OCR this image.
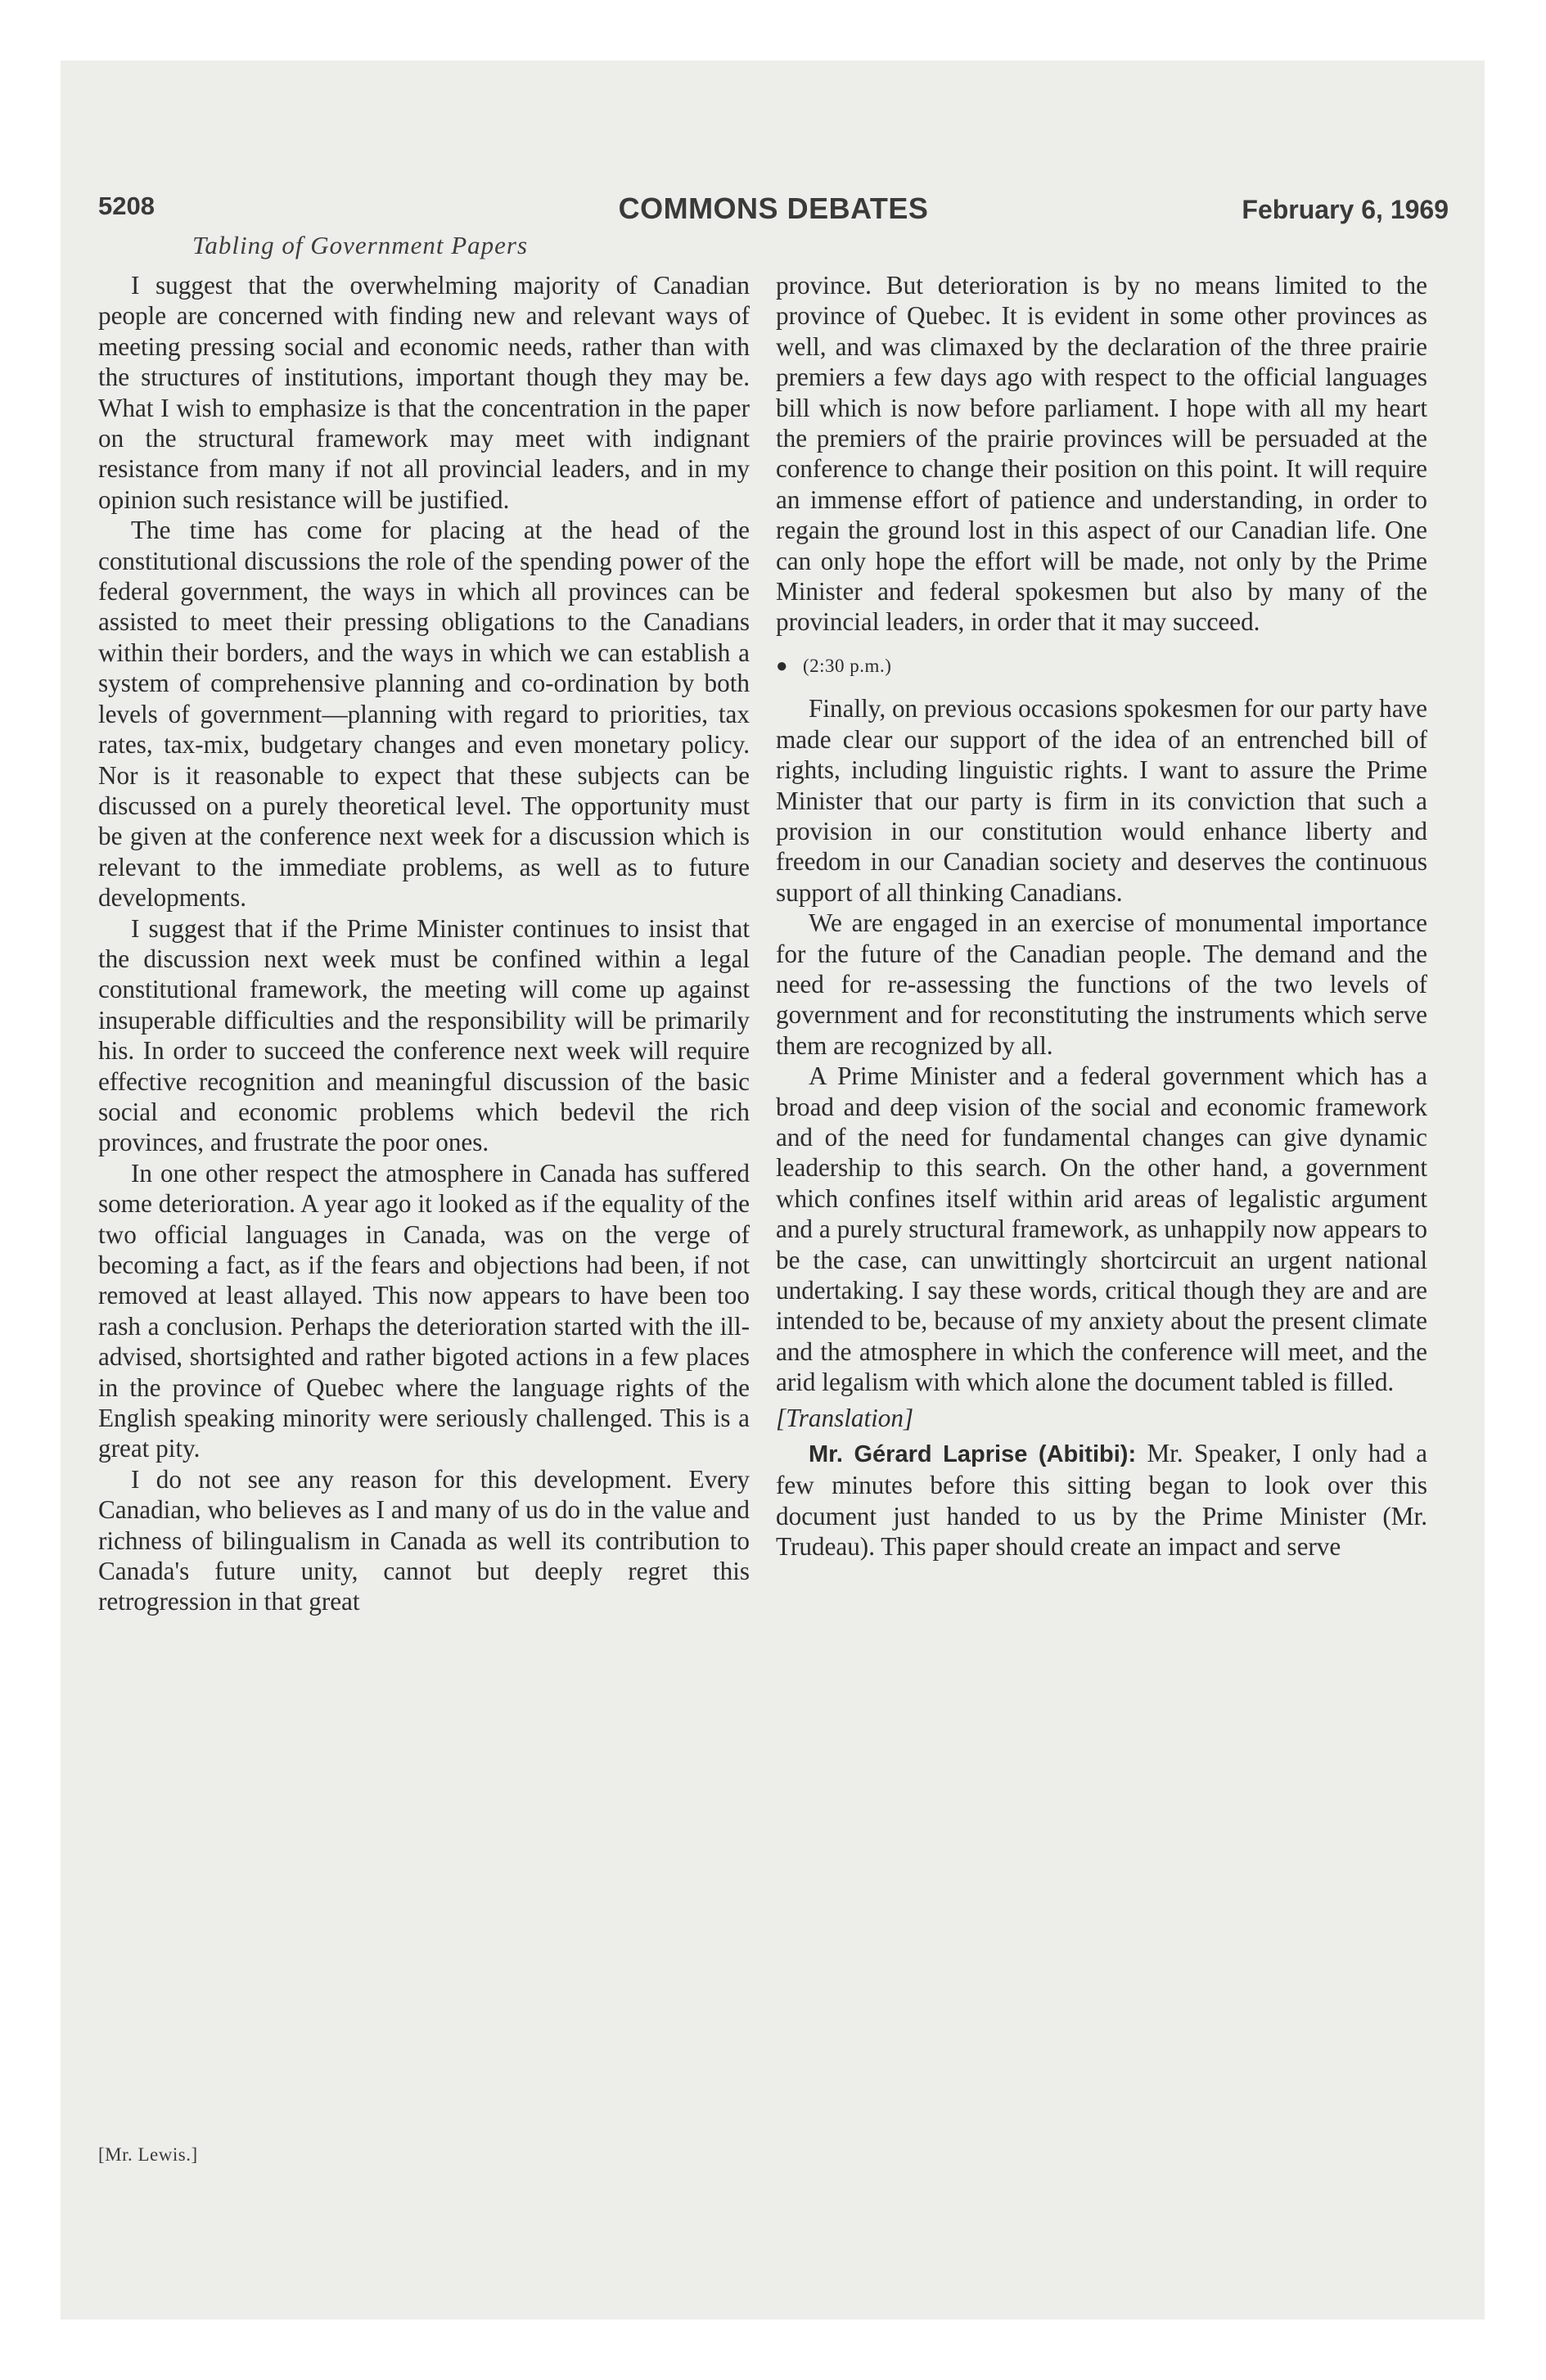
5208	COMMONS DEBATES	February 6, 1969
Tabling of Government Papers

I suggest that the overwhelming majority of Canadian people are concerned with finding new and relevant ways of meeting pressing social and economic needs, rather than with the structures of institutions, important though they may be. What I wish to emphasize is that the concentration in the paper on the structural framework may meet with indignant resistance from many if not all provincial leaders, and in my opinion such resistance will be justified.

The time has come for placing at the head of the constitutional discussions the role of the spending power of the federal government, the ways in which all provinces can be assisted to meet their pressing obligations to the Canadians within their borders, and the ways in which we can establish a system of comprehensive planning and co-ordination by both levels of government—planning with regard to priorities, tax rates, tax-mix, budgetary changes and even monetary policy. Nor is it reasonable to expect that these subjects can be discussed on a purely theoretical level. The opportunity must be given at the conference next week for a discussion which is relevant to the immediate problems, as well as to future developments.

I suggest that if the Prime Minister continues to insist that the discussion next week must be confined within a legal constitutional framework, the meeting will come up against insuperable difficulties and the responsibility will be primarily his. In order to succeed the conference next week will require effective recognition and meaningful discussion of the basic social and economic problems which bedevil the rich provinces, and frustrate the poor ones.

In one other respect the atmosphere in Canada has suffered some deterioration. A year ago it looked as if the equality of the two official languages in Canada, was on the verge of becoming a fact, as if the fears and objections had been, if not removed at least allayed. This now appears to have been too rash a conclusion. Perhaps the deterioration started with the ill-advised, shortsighted and rather bigoted actions in a few places in the province of Quebec where the language rights of the English speaking minority were seriously challenged. This is a great pity.

I do not see any reason for this development. Every Canadian, who believes as I and many of us do in the value and richness of bilingualism in Canada as well its contribution to Canada's future unity, cannot but deeply regret this retrogression in that great

province. But deterioration is by no means limited to the province of Quebec. It is evident in some other provinces as well, and was climaxed by the declaration of the three prairie premiers a few days ago with respect to the official languages bill which is now before parliament. I hope with all my heart the premiers of the prairie provinces will be persuaded at the conference to change their position on this point. It will require an immense effort of patience and understanding, in order to regain the ground lost in this aspect of our Canadian life. One can only hope the effort will be made, not only by the Prime Minister and federal spokesmen but also by many of the provincial leaders, in order that it may succeed.

● (2:30 p.m.)

Finally, on previous occasions spokesmen for our party have made clear our support of the idea of an entrenched bill of rights, including linguistic rights. I want to assure the Prime Minister that our party is firm in its conviction that such a provision in our constitution would enhance liberty and freedom in our Canadian society and deserves the continuous support of all thinking Canadians.

We are engaged in an exercise of monumental importance for the future of the Canadian people. The demand and the need for re-assessing the functions of the two levels of government and for reconstituting the instruments which serve them are recognized by all.

A Prime Minister and a federal government which has a broad and deep vision of the social and economic framework and of the need for fundamental changes can give dynamic leadership to this search. On the other hand, a government which confines itself within arid areas of legalistic argument and a purely structural framework, as unhappily now appears to be the case, can unwittingly shortcircuit an urgent national undertaking. I say these words, critical though they are and are intended to be, because of my anxiety about the present climate and the atmosphere in which the conference will meet, and the arid legalism with which alone the document tabled is filled.

[Translation]

Mr. Gérard Laprise (Abitibi): Mr. Speaker, I only had a few minutes before this sitting began to look over this document just handed to us by the Prime Minister (Mr. Trudeau). This paper should create an impact and serve

[Mr. Lewis.]
